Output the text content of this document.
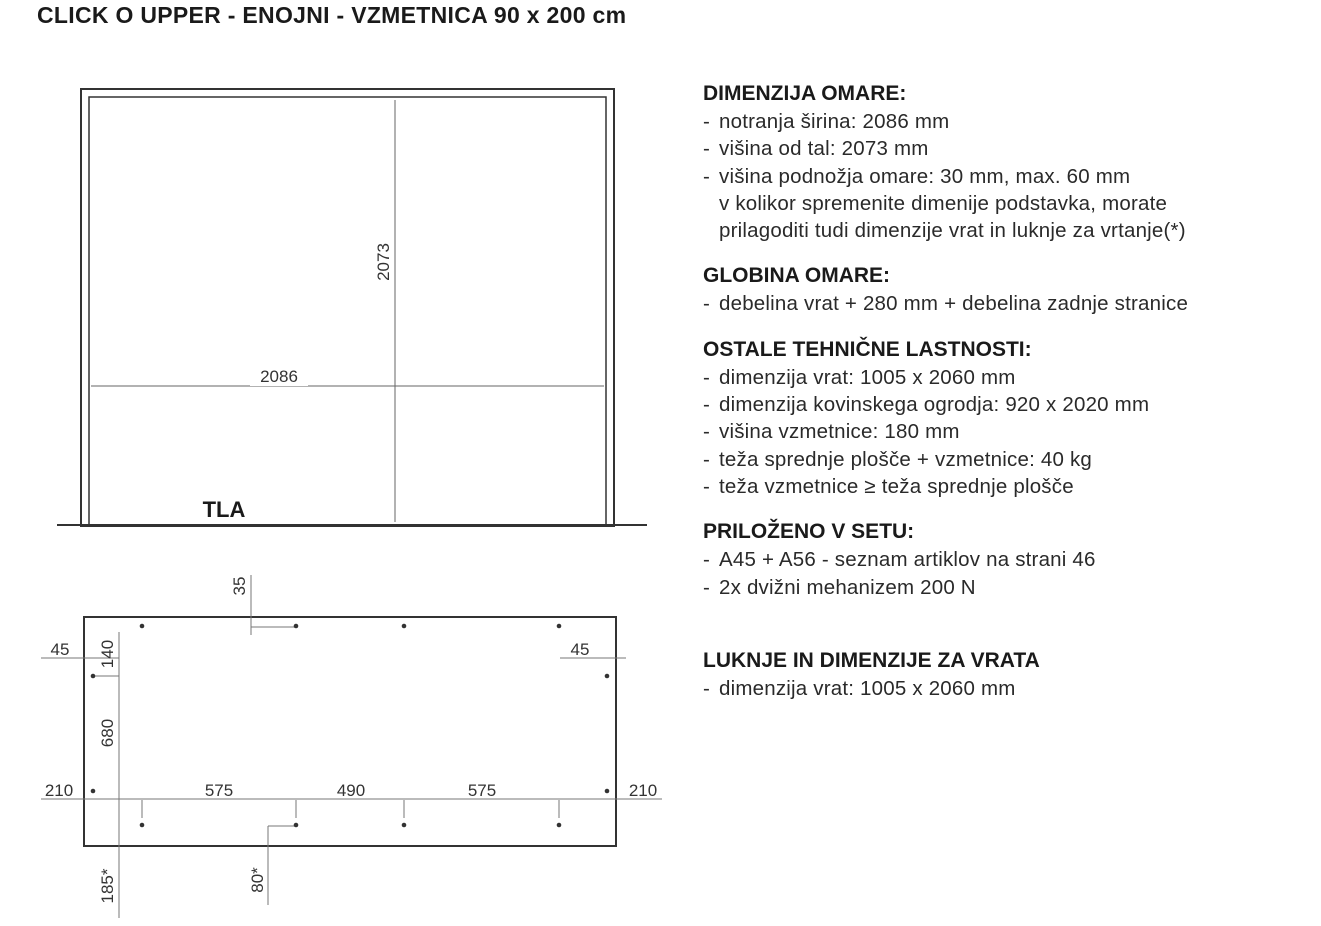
CLICK O UPPER - ENOJNI - VZMETNICA 90 x 200 cm
2073
2086
TLA
35
45	45
140
680
210	575	490	575	210
185*	80*
DIMENZIJA OMARE:
- notranja širina: 2086 mm
- višina od tal: 2073 mm
- višina podnožja omare: 30 mm, max. 60 mm
v kolikor spremenite dimenije podstavka, morate
prilagoditi tudi dimenzije vrat in luknje za vrtanje(*)
GLOBINA OMARE:
- debelina vrat + 280 mm + debelina zadnje stranice
OSTALE TEHNIČNE LASTNOSTI:
- dimenzija vrat: 1005 x 2060 mm
- dimenzija kovinskega ogrodja: 920 x 2020 mm
- višina vzmetnice: 180 mm
- teža sprednje plošče + vzmetnice: 40 kg
- teža vzmetnice ≥ teža sprednje plošče
PRILOŽENO V SETU:
- A45 + A56 - seznam artiklov na strani 46
- 2x dvižni mehanizem 200 N
LUKNJE IN DIMENZIJE ZA VRATA
- dimenzija vrat: 1005 x 2060 mm
